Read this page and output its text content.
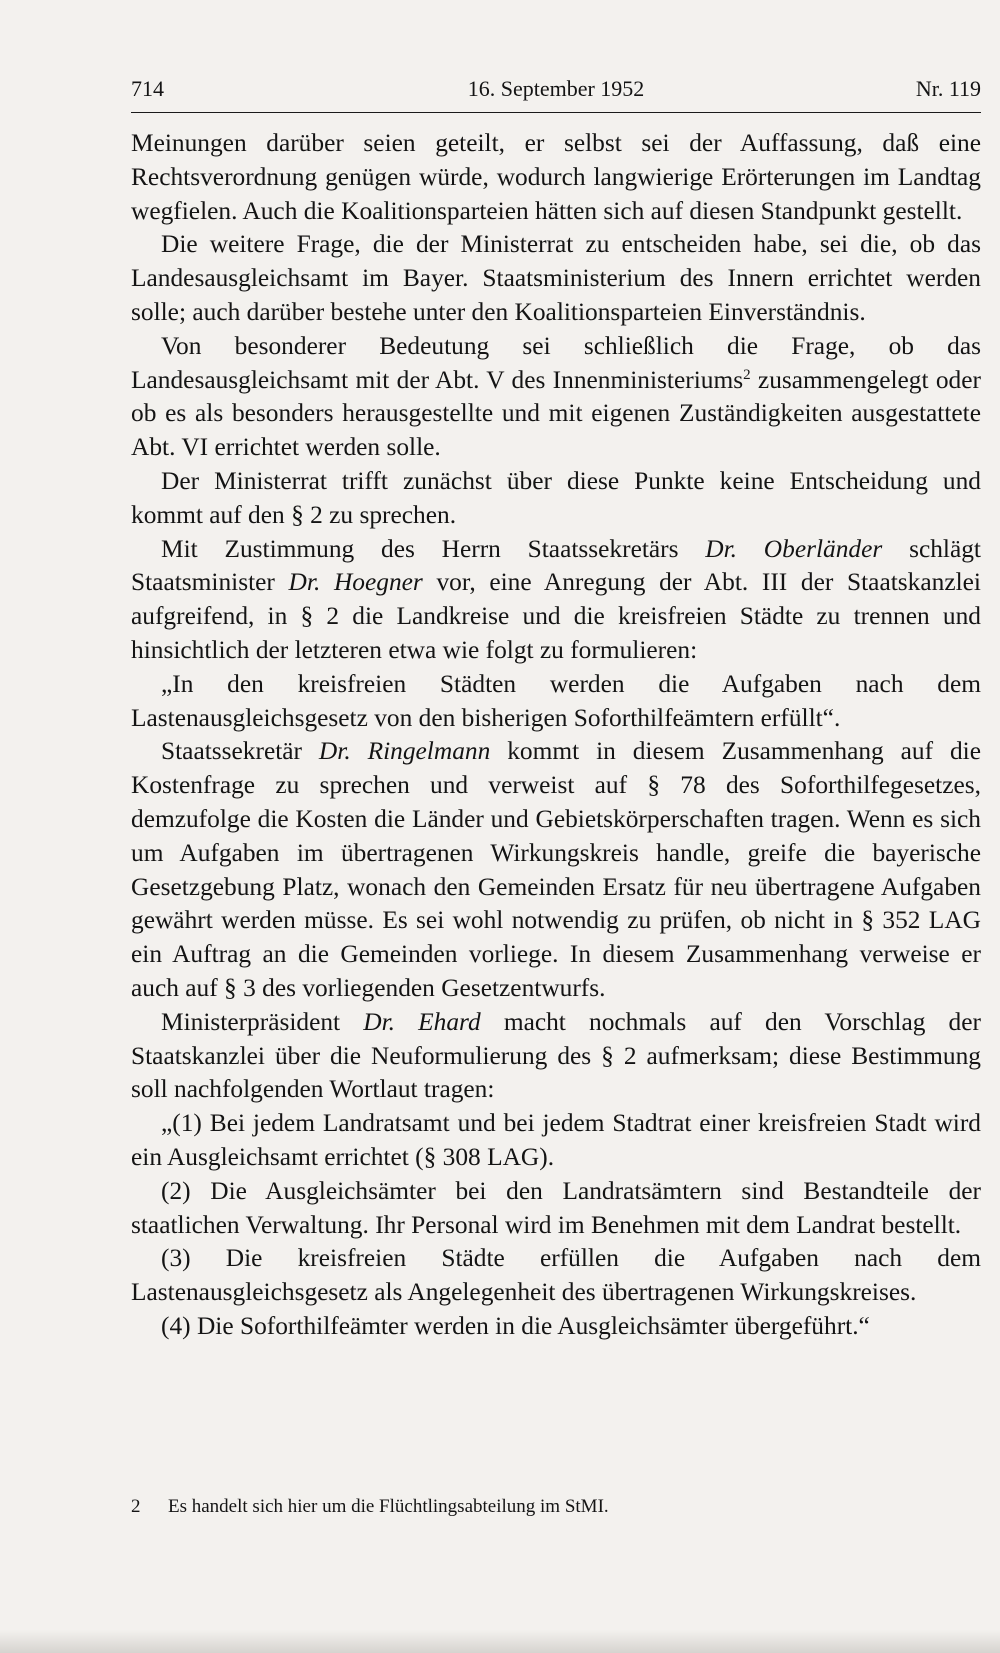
714	16. September 1952	Nr. 119

Meinungen darüber seien geteilt, er selbst sei der Auffassung, daß eine Rechtsverordnung genügen würde, wodurch langwierige Erörterungen im Landtag wegfielen. Auch die Koalitionsparteien hätten sich auf diesen Standpunkt gestellt.

Die weitere Frage, die der Ministerrat zu entscheiden habe, sei die, ob das Landesausgleichsamt im Bayer. Staatsministerium des Innern errichtet werden solle; auch darüber bestehe unter den Koalitionsparteien Einverständnis.

Von besonderer Bedeutung sei schließlich die Frage, ob das Landesausgleichsamt mit der Abt. V des Innenministeriums$^2$ zusammengelegt oder ob es als besonders herausgestellte und mit eigenen Zuständigkeiten ausgestattete Abt. VI errichtet werden solle.

Der Ministerrat trifft zunächst über diese Punkte keine Entscheidung und kommt auf den § 2 zu sprechen.

Mit Zustimmung des Herrn Staatssekretärs Dr. Oberländer schlägt Staatsminister Dr. Hoegner vor, eine Anregung der Abt. III der Staatskanzlei aufgreifend, in § 2 die Landkreise und die kreisfreien Städte zu trennen und hinsichtlich der letzteren etwa wie folgt zu formulieren:

„In den kreisfreien Städten werden die Aufgaben nach dem Lastenausgleichsgesetz von den bisherigen Soforthilfeämtern erfüllt“.

Staatssekretär Dr. Ringelmann kommt in diesem Zusammenhang auf die Kostenfrage zu sprechen und verweist auf § 78 des Soforthilfegesetzes, demzufolge die Kosten die Länder und Gebietskörperschaften tragen. Wenn es sich um Aufgaben im übertragenen Wirkungskreis handle, greife die bayerische Gesetzgebung Platz, wonach den Gemeinden Ersatz für neu übertragene Aufgaben gewährt werden müsse. Es sei wohl notwendig zu prüfen, ob nicht in § 352 LAG ein Auftrag an die Gemeinden vorliege. In diesem Zusammenhang verweise er auch auf § 3 des vorliegenden Gesetzentwurfs.

Ministerpräsident Dr. Ehard macht nochmals auf den Vorschlag der Staatskanzlei über die Neuformulierung des § 2 aufmerksam; diese Bestimmung soll nachfolgenden Wortlaut tragen:

„(1) Bei jedem Landratsamt und bei jedem Stadtrat einer kreisfreien Stadt wird ein Ausgleichsamt errichtet (§ 308 LAG).

(2) Die Ausgleichsämter bei den Landratsämtern sind Bestandteile der staatlichen Verwaltung. Ihr Personal wird im Benehmen mit dem Landrat bestellt.

(3) Die kreisfreien Städte erfüllen die Aufgaben nach dem Lastenausgleichsgesetz als Angelegenheit des übertragenen Wirkungskreises.

(4) Die Soforthilfeämter werden in die Ausgleichsämter übergeführt.“

2 Es handelt sich hier um die Flüchtlingsabteilung im StMI.
